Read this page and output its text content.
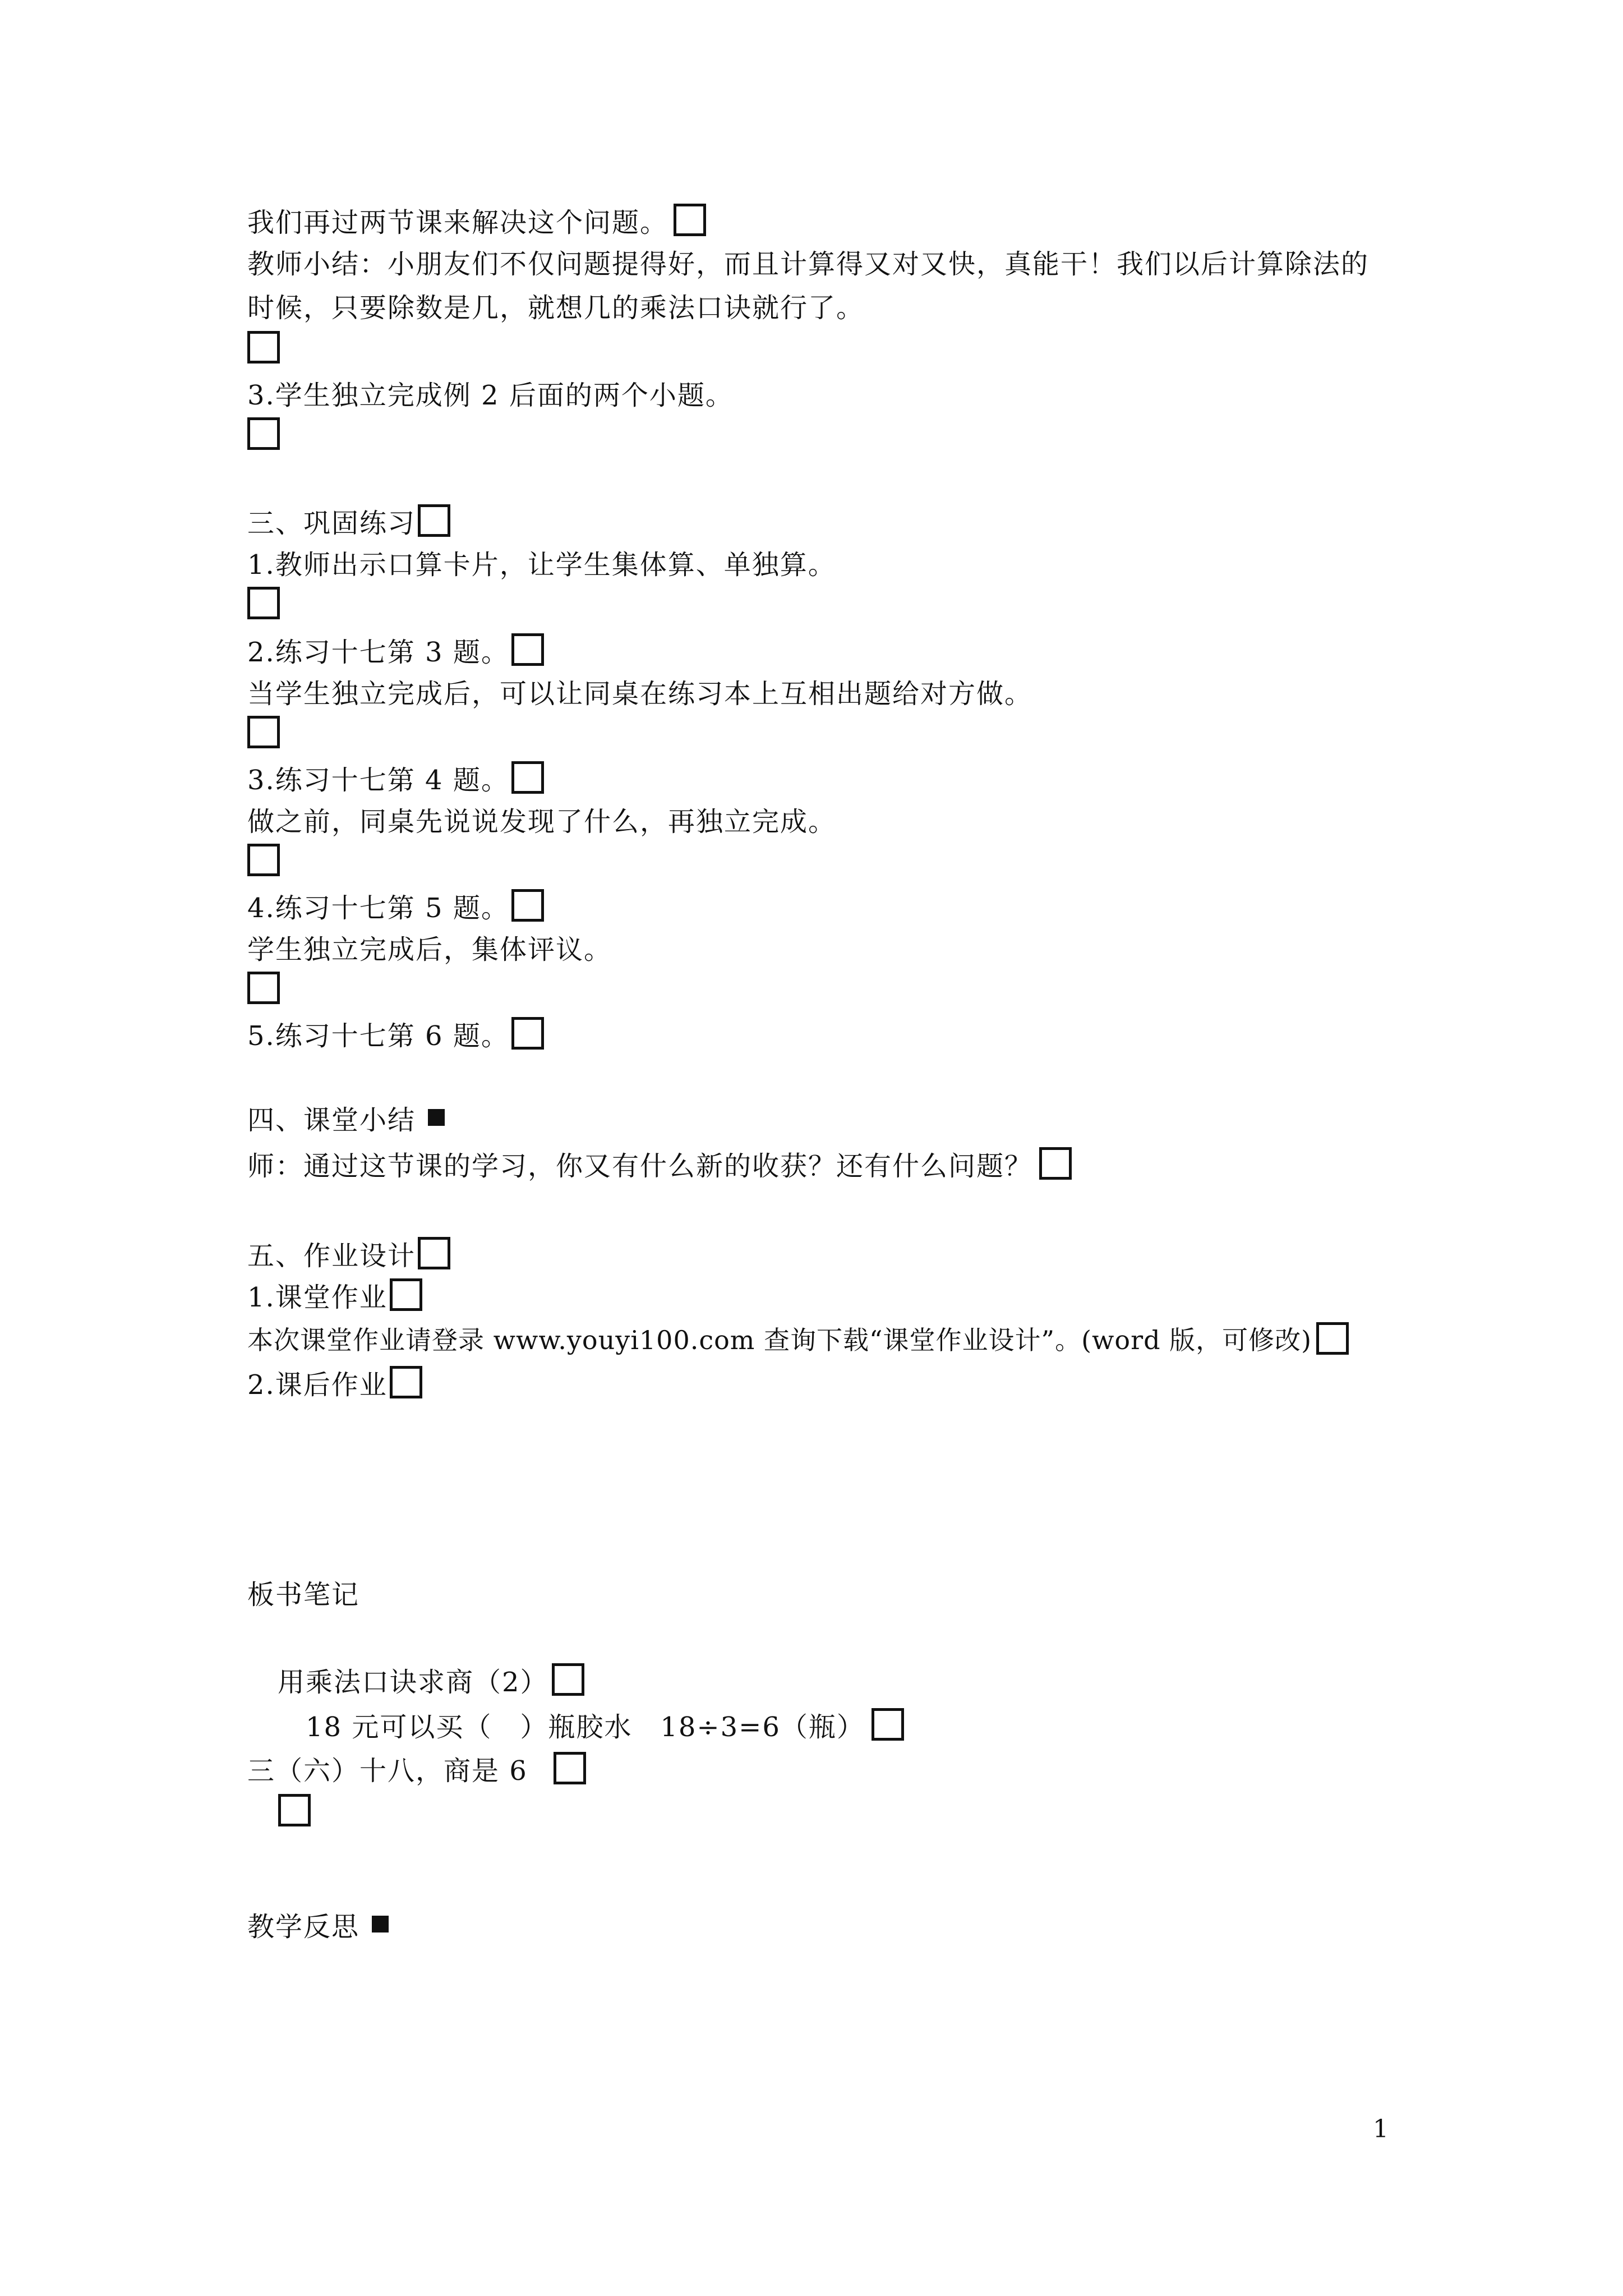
我们再过两节课来解决这个问题。
教师小结：小朋友们不仅问题提得好，而且计算得又对又快，真能干！我们以后计算除法的
时候，只要除数是几，就想几的乘法口诀就行了。
3.学生独立完成例 2 后面的两个小题。
三、巩固练习
1.教师出示口算卡片，让学生集体算、单独算。
2.练习十七第 3 题。
当学生独立完成后，可以让同桌在练习本上互相出题给对方做。
3.练习十七第 4 题。
做之前，同桌先说说发现了什么，再独立完成。
4.练习十七第 5 题。
学生独立完成后，集体评议。
5.练习十七第 6 题。
四、课堂小结
师：通过这节课的学习，你又有什么新的收获？还有什么问题？
五、作业设计
1.课堂作业
本次课堂作业请登录 www.youyi100.com 查询下载“课堂作业设计”。(word 版，可修改)
2.课后作业
板书笔记
用乘法口诀求商（2）
18 元可以买（　）瓶胶水　18÷3=6（瓶）
三（六）十八，商是 6
教学反思
1
